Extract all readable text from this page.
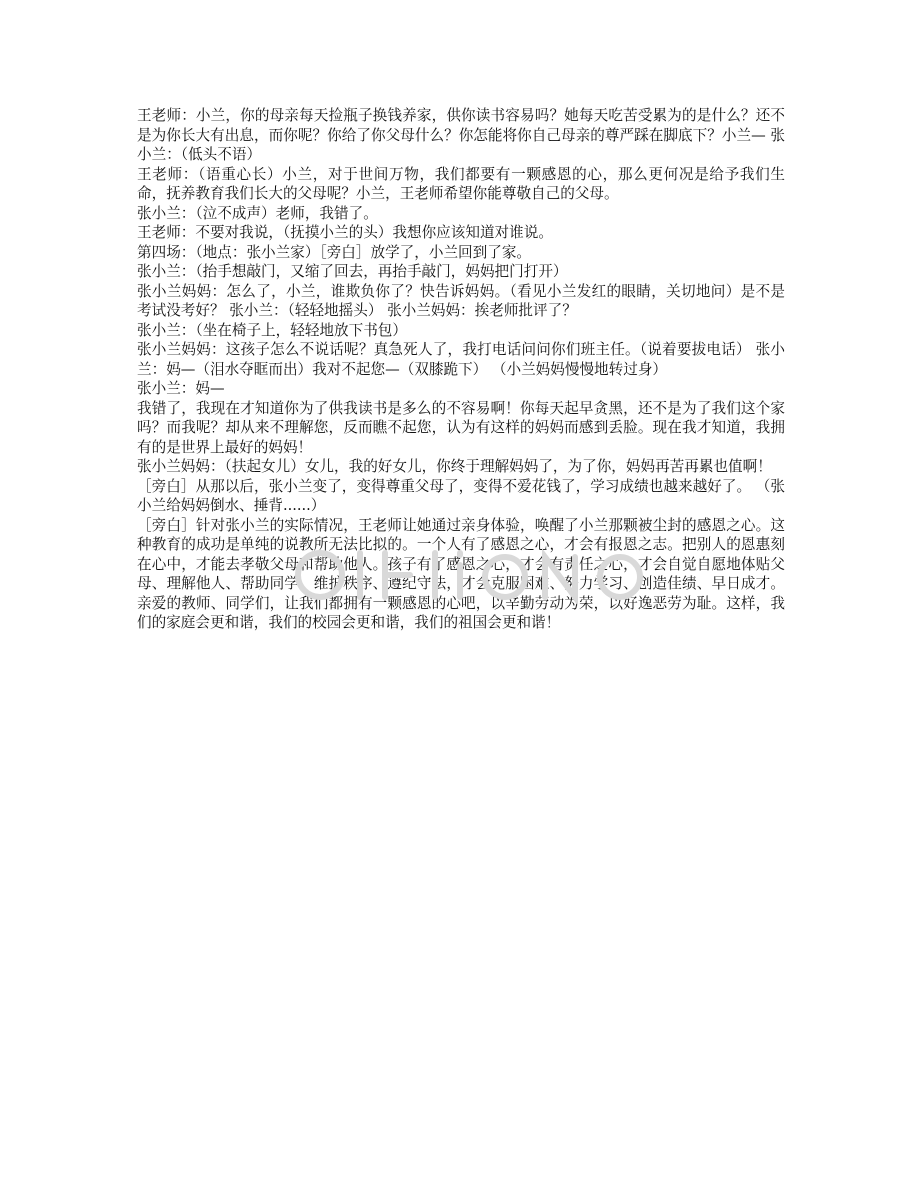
王老师：小兰，你的母亲每天捡瓶子换钱养家，供你读书容易吗？她每天吃苦受累为的是什么？还不是为你长大有出息，而你呢？你给了你父母什么？你怎能将你自己母亲的尊严踩在脚底下？小兰— 张小兰：（低头不语）

王老师：（语重心长）小兰，对于世间万物，我们都要有一颗感恩的心，那么更何况是给予我们生命，抚养教育我们长大的父母呢？小兰，王老师希望你能尊敬自己的父母。

张小兰：（泣不成声）老师，我错了。

王老师：不要对我说，（抚摸小兰的头）我想你应该知道对谁说。

第四场：（地点：张小兰家）［旁白］放学了，小兰回到了家。

张小兰：（抬手想敲门，又缩了回去，再抬手敲门，妈妈把门打开）

张小兰妈妈：怎么了，小兰，谁欺负你了？快告诉妈妈。（看见小兰发红的眼睛，关切地问）是不是考试没考好？ 张小兰：（轻轻地摇头） 张小兰妈妈：挨老师批评了？

张小兰：（坐在椅子上，轻轻地放下书包）

张小兰妈妈：这孩子怎么不说话呢？真急死人了，我打电话问问你们班主任。（说着要拔电话） 张小兰：妈—（泪水夺眶而出）我对不起您—（双膝跪下） （小兰妈妈慢慢地转过身）

张小兰：妈—

我错了，我现在才知道你为了供我读书是多么的不容易啊！你每天起早贪黑，还不是为了我们这个家吗？而我呢？却从来不理解您，反而瞧不起您，认为有这样的妈妈而感到丢脸。现在我才知道，我拥有的是世界上最好的妈妈！

张小兰妈妈：（扶起女儿）女儿，我的好女儿，你终于理解妈妈了，为了你，妈妈再苦再累也值啊！

［旁白］从那以后，张小兰变了，变得尊重父母了，变得不爱花钱了，学习成绩也越来越好了。 （张小兰给妈妈倒水、捶背......）

［旁白］针对张小兰的实际情况，王老师让她通过亲身体验，唤醒了小兰那颗被尘封的感恩之心。这种教育的成功是单纯的说教所无法比拟的。一个人有了感恩之心，才会有报恩之志。把别人的恩惠刻在心中，才能去孝敬父母和帮助他人。孩子有了感恩之心，才会有责任之心，才会自觉自愿地体贴父母、理解他人、帮助同学、维护秩序、遵纪守法，才会克服困难、努力学习、创造佳绩、早日成才。亲爱的教师、同学们，让我们都拥有一颗感恩的心吧，以辛勤劳动为荣，以好逸恶劳为耻。这样，我们的家庭会更和谐，我们的校园会更和谐，我们的祖国会更和谐！
